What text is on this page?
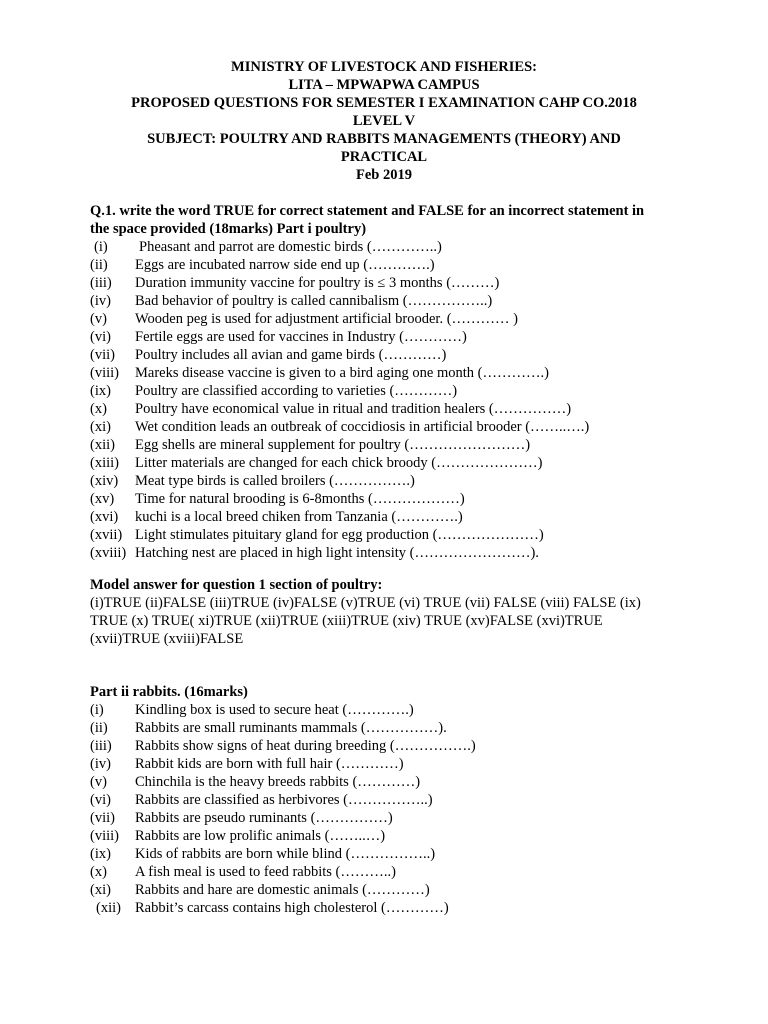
MINISTRY OF LIVESTOCK AND FISHERIES:
LITA – MPWAPWA CAMPUS
PROPOSED QUESTIONS FOR SEMESTER I EXAMINATION CAHP CO.2018
LEVEL V
SUBJECT: POULTRY AND RABBITS MANAGEMENTS (THEORY) AND
PRACTICAL
Feb 2019
Q.1. write the word TRUE for correct statement and FALSE for an incorrect statement in
the space provided (18marks) Part i poultry)
(i) Pheasant and parrot are domestic birds (…………..)
(ii) Eggs are incubated narrow side end up (………….)
(iii) Duration immunity vaccine for poultry is ≤ 3 months (………)
(iv) Bad behavior of poultry is called cannibalism (……………..)
(v) Wooden peg is used for adjustment artificial brooder. (………… )
(vi) Fertile eggs are used for vaccines in Industry (…………)
(vii) Poultry includes all avian and game birds (…………)
(viii) Mareks disease vaccine is given to a bird aging one month (………….)
(ix) Poultry are classified according to varieties (…………)
(x) Poultry have economical value in ritual and tradition healers (……………)
(xi) Wet condition leads an outbreak of coccidiosis in artificial brooder (……..….)
(xii) Egg shells are mineral supplement for poultry (……………………)
(xiii) Litter materials are changed for each chick broody (…………………)
(xiv) Meat type birds is called broilers (…………….)
(xv) Time for natural brooding is 6-8months (………………)
(xvi) kuchi is a local breed chiken from Tanzania (………….)
(xvii) Light stimulates pituitary gland for egg production (…………………)
(xviii) Hatching nest are placed in high light intensity (……………………).
Model answer for question 1 section of poultry:
(i)TRUE (ii)FALSE (iii)TRUE (iv)FALSE (v)TRUE (vi) TRUE (vii) FALSE (viii) FALSE (ix)
TRUE (x) TRUE( xi)TRUE (xii)TRUE (xiii)TRUE (xiv) TRUE (xv)FALSE (xvi)TRUE
(xvii)TRUE (xviii)FALSE
Part ii rabbits. (16marks)
(i) Kindling box is used to secure heat (………….)
(ii) Rabbits are small ruminants mammals (……………).
(iii) Rabbits show signs of heat during breeding (…………….)
(iv) Rabbit kids are born with full hair (…………)
(v) Chinchila is the heavy breeds rabbits (…………)
(vi) Rabbits are classified as herbivores (……………..)
(vii) Rabbits are pseudo ruminants (……………)
(viii) Rabbits are low prolific animals (……..…)
(ix) Kids of rabbits are born while blind (……………..)
(x) A fish meal is used to feed rabbits (………..)
(xi) Rabbits and hare are domestic animals (…………)
(xii) Rabbit’s carcass contains high cholesterol (…………)
